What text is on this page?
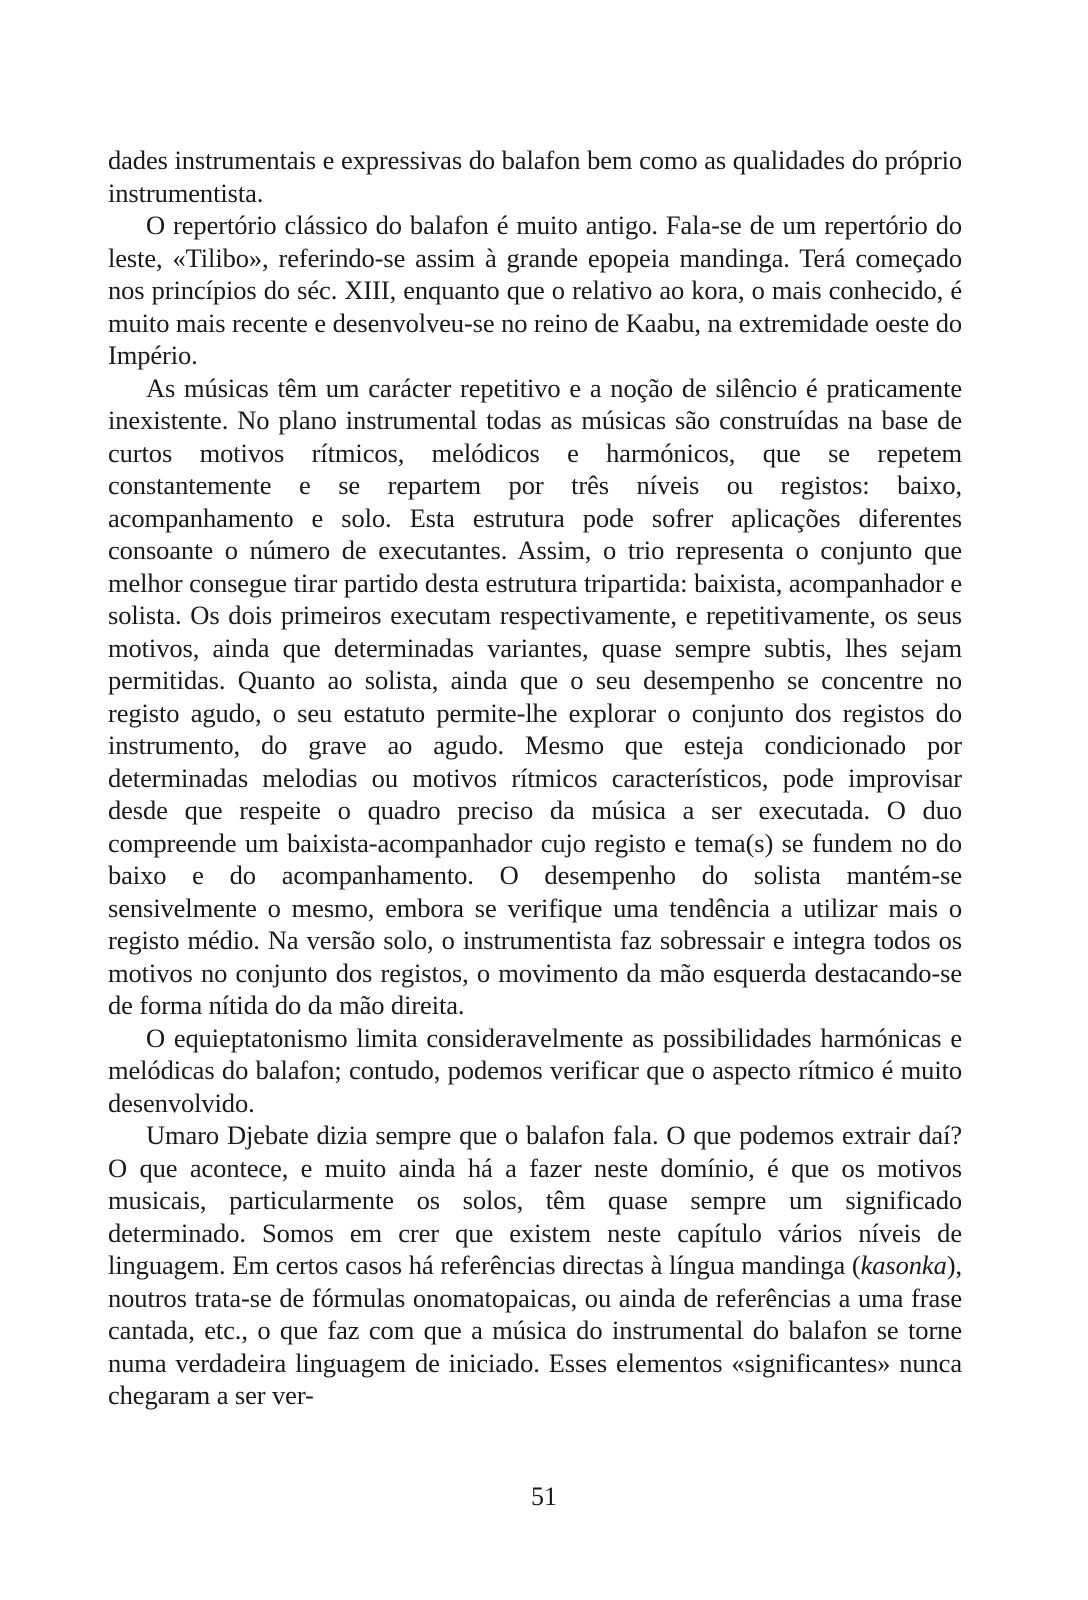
dades instrumentais e expressivas do balafon bem como as qualidades do próprio instrumentista.

O repertório clássico do balafon é muito antigo. Fala-se de um repertório do leste, «Tilibo», referindo-se assim à grande epopeia mandinga. Terá começado nos princípios do séc. XIII, enquanto que o relativo ao kora, o mais conhecido, é muito mais recente e desenvolveu-se no reino de Kaabu, na extremidade oeste do Império.

As músicas têm um carácter repetitivo e a noção de silêncio é praticamente inexistente. No plano instrumental todas as músicas são construídas na base de curtos motivos rítmicos, melódicos e harmónicos, que se repetem constantemente e se repartem por três níveis ou registos: baixo, acompanhamento e solo. Esta estrutura pode sofrer aplicações diferentes consoante o número de executantes. Assim, o trio representa o conjunto que melhor consegue tirar partido desta estrutura tripartida: baixista, acompanhador e solista. Os dois primeiros executam respectivamente, e repetitivamente, os seus motivos, ainda que determinadas variantes, quase sempre subtis, lhes sejam permitidas. Quanto ao solista, ainda que o seu desempenho se concentre no registo agudo, o seu estatuto permite-lhe explorar o conjunto dos registos do instrumento, do grave ao agudo. Mesmo que esteja condicionado por determinadas melodias ou motivos rítmicos característicos, pode improvisar desde que respeite o quadro preciso da música a ser executada. O duo compreende um baixista-acompanhador cujo registo e tema(s) se fundem no do baixo e do acompanhamento. O desempenho do solista mantém-se sensivelmente o mesmo, embora se verifique uma tendência a utilizar mais o registo médio. Na versão solo, o instrumentista faz sobressair e integra todos os motivos no conjunto dos registos, o movimento da mão esquerda destacando-se de forma nítida do da mão direita.

O equieptatonismo limita consideravelmente as possibilidades harmónicas e melódicas do balafon; contudo, podemos verificar que o aspecto rítmico é muito desenvolvido.

Umaro Djebate dizia sempre que o balafon fala. O que podemos extrair daí? O que acontece, e muito ainda há a fazer neste domínio, é que os motivos musicais, particularmente os solos, têm quase sempre um significado determinado. Somos em crer que existem neste capítulo vários níveis de linguagem. Em certos casos há referências directas à língua mandinga (kasonka), noutros trata-se de fórmulas onomatopaicas, ou ainda de referências a uma frase cantada, etc., o que faz com que a música do instrumental do balafon se torne numa verdadeira linguagem de iniciado. Esses elementos «significantes» nunca chegaram a ser ver-

51
